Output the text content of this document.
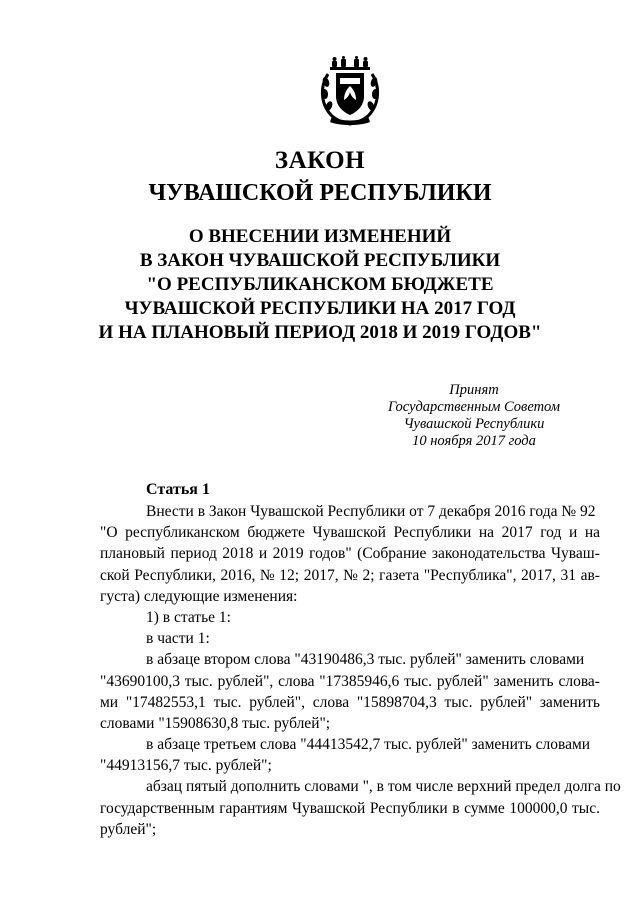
ЗАКОН
ЧУВАШСКОЙ РЕСПУБЛИКИ
О ВНЕСЕНИИ ИЗМЕНЕНИЙ
В ЗАКОН ЧУВАШСКОЙ РЕСПУБЛИКИ
"О РЕСПУБЛИКАНСКОМ БЮДЖЕТЕ
ЧУВАШСКОЙ РЕСПУБЛИКИ НА 2017 ГОД
И НА ПЛАНОВЫЙ ПЕРИОД 2018 И 2019 ГОДОВ"
Принят
Государственным Советом
Чувашской Республики
10 ноября 2017 года
Статья 1
Внести в Закон Чувашской Республики от 7 декабря 2016 года № 92
"О республиканском бюджете Чувашской Республики на 2017 год и на
плановый период 2018 и 2019 годов" (Собрание законодательства Чуваш-
ской Республики, 2016, № 12; 2017, № 2; газета "Республика", 2017, 31 ав-
густа) следующие изменения:
1) в статье 1:
в части 1:
в абзаце втором слова "43190486,3 тыс. рублей" заменить словами
"43690100,3 тыс. рублей", слова "17385946,6 тыс. рублей" заменить слова-
ми "17482553,1 тыс. рублей", слова "15898704,3 тыс. рублей" заменить
словами "15908630,8 тыс. рублей";
в абзаце третьем слова "44413542,7 тыс. рублей" заменить словами
"44913156,7 тыс. рублей";
абзац пятый дополнить словами ", в том числе верхний предел долга по
государственным гарантиям Чувашской Республики в сумме 100000,0 тыс.
рублей";
